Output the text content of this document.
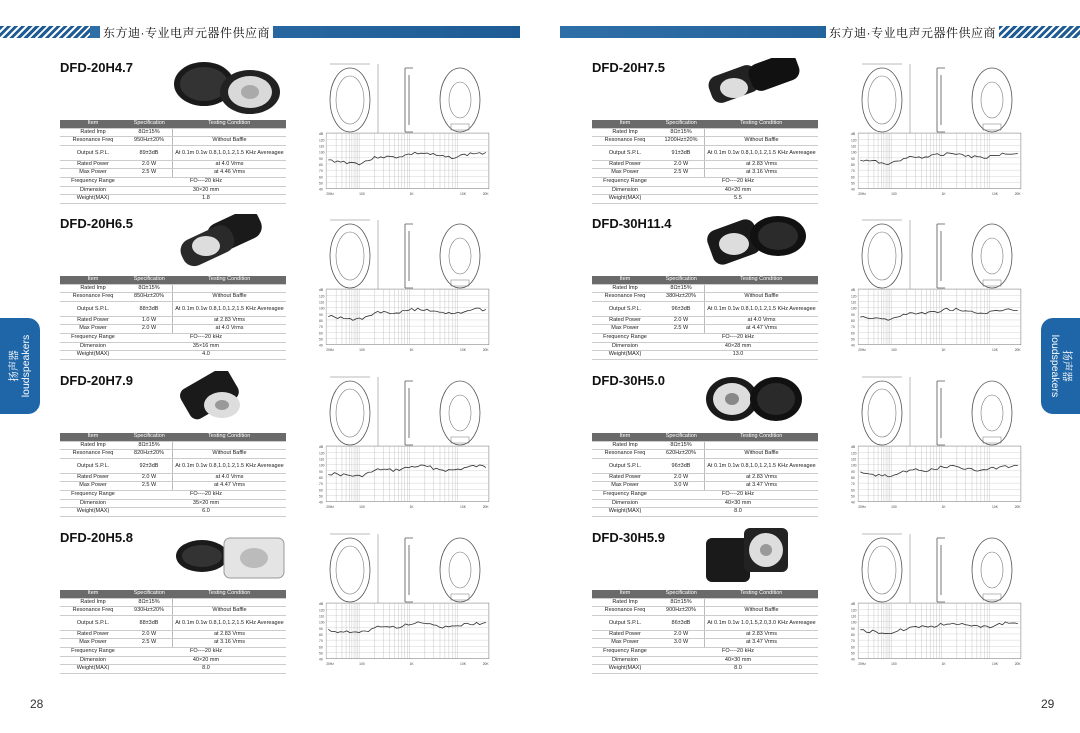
东方迪·专业电声元器件供应商	东方迪·专业电声元器件供应商
扬声器
loudspeakers	扬声器
loudspeakers
28	29
DFD-20H4.7
Item	Specification	Testing Condition
Rated Imp	8Ω±15%	
Resonance Freq	950Hz±20%	Without Baffle
Output S.P.L.	89±3dB	At 0.1m 0.1w 0.8,1.0,1.2,1.5 KHz Avereagee
Rated Power	2.0 W	at 4.0 Vrms
Max Power	2.5 W	at 4.46 Vrms
Frequency Range	FO----20 kHz	
Dimension	30×20 mm	
Weight(MAX)	1.8	
dB
120
110
100
90
80
70
60
50
40
20Hz	100	1K	10K	20K
DFD-20H6.5
Item	Specification	Testing Condition
Rated Imp	8Ω±15%	
Resonance Freq	850Hz±20%	Without Baffle
Output S.P.L.	88±3dB	At 0.1m 0.1w 0.8,1.0,1.2,1.5 KHz Avereagee
Rated Power	1.0 W	at 2.83 Vrms
Max Power	2.0 W	at 4.0 Vrms
Frequency Range	FO----20 kHz	
Dimension	35×16 mm	
Weight(MAX)	4.0	
dB
120
110
100
90
80
70
60
50
40
20Hz	100	1K	10K	20K
DFD-20H7.9
Item	Specification	Testing Condition
Rated Imp	8Ω±15%	
Resonance Freq	820Hz±20%	Without Baffle
Output S.P.L.	92±3dB	At 0.1m 0.1w 0.8,1.0,1.2,1.5 KHz Avereagee
Rated Power	2.0 W	at 4.0 Vrms
Max Power	2.5 W	at 4.47 Vrms
Frequency Range	FO----20 kHz	
Dimension	35×20 mm	
Weight(MAX)	6.0	
dB
120
110
100
90
80
70
60
50
40
20Hz	100	1K	10K	20K
DFD-20H5.8
Item	Specification	Testing Condition
Rated Imp	8Ω±15%	
Resonance Freq	930Hz±20%	Without Baffle
Output S.P.L.	88±3dB	At 0.1m 0.1w 0.8,1.0,1.2,1.5 KHz Avereagee
Rated Power	2.0 W	at 2.83 Vrms
Max Power	2.5 W	at 3.16 Vrms
Frequency Range	FO----20 kHz	
Dimension	40×20 mm	
Weight(MAX)	8.0	
dB
120
110
100
90
80
70
60
50
40
20Hz	100	1K	10K	20K
DFD-20H7.5
Item	Specification	Testing Condition
Rated Imp	8Ω±15%	
Resonance Freq	1200Hz±20%	Without Baffle
Output S.P.L.	91±3dB	At 0.1m 0.1w 0.8,1.0,1.2,1.5 KHz Avereagee
Rated Power	2.0 W	at 2.83 Vrms
Max Power	2.5 W	at 3.16 Vrms
Frequency Range	FO----20 kHz	
Dimension	40×20 mm	
Weight(MAX)	5.5	
dB
120
110
100
90
80
70
60
50
40
20Hz	100	1K	10K	20K
DFD-30H11.4
Item	Specification	Testing Condition
Rated Imp	8Ω±15%	
Resonance Freq	380Hz±20%	Without Baffle
Output S.P.L.	96±3dB	At 0.1m 0.1w 0.8,1.0,1.2,1.5 KHz Avereagee
Rated Power	2.0 W	at 4.0 Vrms
Max Power	2.5 W	at 4.47 Vrms
Frequency Range	FO----20 kHz	
Dimension	40×28 mm	
Weight(MAX)	13.0	
dB
120
110
100
90
80
70
60
50
40
20Hz	100	1K	10K	20K
DFD-30H5.0
Item	Specification	Testing Condition
Rated Imp	8Ω±15%	
Resonance Freq	620Hz±20%	Without Baffle
Output S.P.L.	96±3dB	At 0.1m 0.1w 0.8,1.0,1.2,1.5 KHz Avereagee
Rated Power	2.0 W	at 2.83 Vrms
Max Power	3.0 W	at 3.47 Vrms
Frequency Range	FO----20 kHz	
Dimension	40×30 mm	
Weight(MAX)	8.0	
dB
120
110
100
90
80
70
60
50
40
20Hz	100	1K	10K	20K
DFD-30H5.9
Item	Specification	Testing Condition
Rated Imp	8Ω±15%	
Resonance Freq	900Hz±20%	Without Baffle
Output S.P.L.	86±3dB	At 0.1m 0.1w 1.0,1.5,2.0,3.0 KHz Avereagee
Rated Power	2.0 W	at 2.83 Vrms
Max Power	3.0 W	at 3.47 Vrms
Frequency Range	FO----20 kHz	
Dimension	40×30 mm	
Weight(MAX)	8.0	
dB
120
110
100
90
80
70
60
50
40
20Hz	100	1K	10K	20K
